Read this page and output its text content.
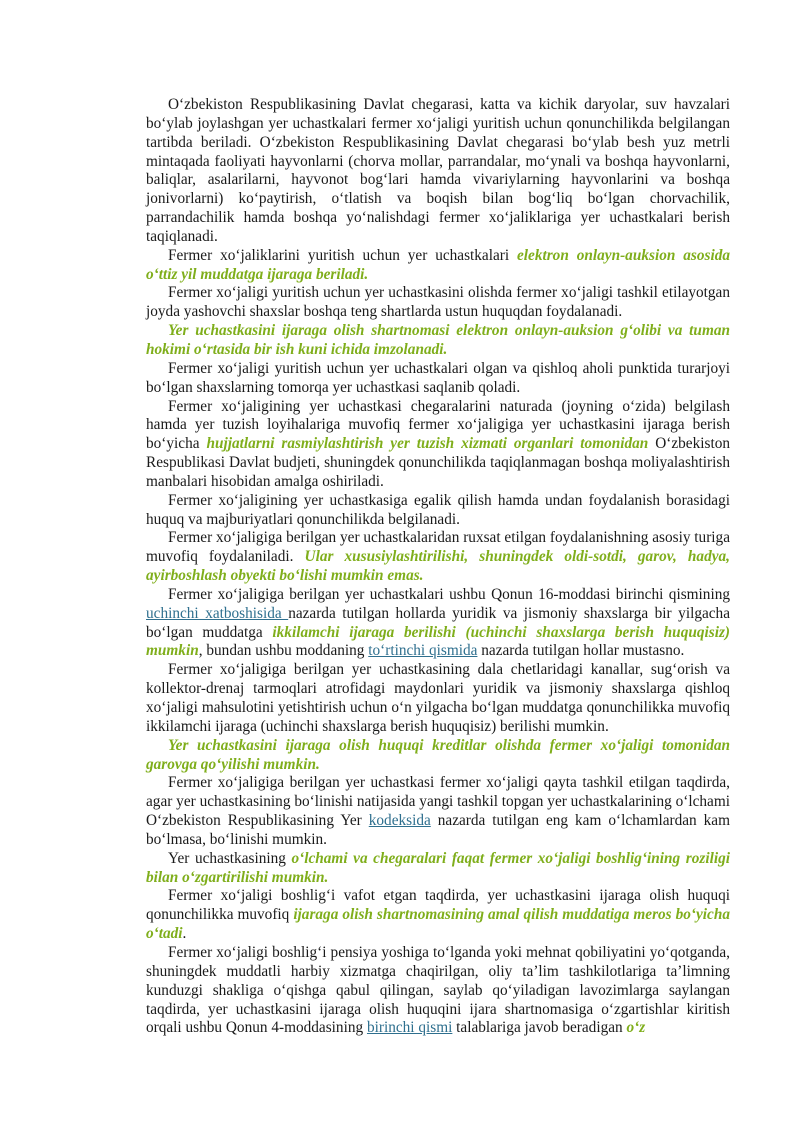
O‘zbekiston Respublikasining Davlat chegarasi, katta va kichik daryolar, suv havzalari bo‘ylab joylashgan yer uchastkalari fermer xo‘jaligi yuritish uchun qonunchilikda belgilangan tartibda beriladi. O‘zbekiston Respublikasining Davlat chegarasi bo‘ylab besh yuz metrli mintaqada faoliyati hayvonlarni (chorva mollar, parrandalar, mo‘ynali va boshqa hayvonlarni, baliqlar, asalarilarni, hayvonot bog‘lari hamda vivariylarning hayvonlarini va boshqa jonivorlarni) ko‘paytirish, o‘tlatish va boqish bilan bog‘liq bo‘lgan chorvachilik, parrandachilik hamda boshqa yo‘nalishdagi fermer xo‘jaliklariga yer uchastkalari berish taqiqlanadi.

Fermer xo‘jaliklarini yuritish uchun yer uchastkalari elektron onlayn-auksion asosida o‘ttiz yil muddatga ijaraga beriladi.

Fermer xo‘jaligi yuritish uchun yer uchastkasini olishda fermer xo‘jaligi tashkil etilayotgan joyda yashovchi shaxslar boshqa teng shartlarda ustun huquqdan foydalanadi.

Yer uchastkasini ijaraga olish shartnomasi elektron onlayn-auksion g‘olibi va tuman hokimi o‘rtasida bir ish kuni ichida imzolanadi.

Fermer xo‘jaligi yuritish uchun yer uchastkalari olgan va qishloq aholi punktida turarjoyi bo‘lgan shaxslarning tomorqa yer uchastkasi saqlanib qoladi.

Fermer xo‘jaligining yer uchastkasi chegaralarini naturada (joyning o‘zida) belgilash hamda yer tuzish loyihalariga muvofiq fermer xo‘jaligiga yer uchastkasini ijaraga berish bo‘yicha hujjatlarni rasmiylashtirish yer tuzish xizmati organlari tomonidan O‘zbekiston Respublikasi Davlat budjeti, shuningdek qonunchilikda taqiqlanmagan boshqa moliyalashtirish manbalari hisobidan amalga oshiriladi.

Fermer xo‘jaligining yer uchastkasiga egalik qilish hamda undan foydalanish borasidagi huquq va majburiyatlari qonunchilikda belgilanadi.

Fermer xo‘jaligiga berilgan yer uchastkalaridan ruxsat etilgan foydalanishning asosiy turiga muvofiq foydalaniladi. Ular xususiylashtirilishi, shuningdek oldi-sotdi, garov, hadya, ayirboshlash obyekti bo‘lishi mumkin emas.

Fermer xo‘jaligiga berilgan yer uchastkalari ushbu Qonun 16-moddasi birinchi qismining uchinchi xatboshisida nazarda tutilgan hollarda yuridik va jismoniy shaxslarga bir yilgacha bo‘lgan muddatga ikkilamchi ijaraga berilishi (uchinchi shaxslarga berish huquqisiz) mumkin, bundan ushbu moddaning to‘rtinchi qismida nazarda tutilgan hollar mustasno.

Fermer xo‘jaligiga berilgan yer uchastkasining dala chetlaridagi kanallar, sug‘orish va kollektor-drenaj tarmoqlari atrofidagi maydonlari yuridik va jismoniy shaxslarga qishloq xo‘jaligi mahsulotini yetishtirish uchun o‘n yilgacha bo‘lgan muddatga qonunchilikka muvofiq ikkilamchi ijaraga (uchinchi shaxslarga berish huquqisiz) berilishi mumkin.

Yer uchastkasini ijaraga olish huquqi kreditlar olishda fermer xo‘jaligi tomonidan garovga qo‘yilishi mumkin.

Fermer xo‘jaligiga berilgan yer uchastkasi fermer xo‘jaligi qayta tashkil etilgan taqdirda, agar yer uchastkasining bo‘linishi natijasida yangi tashkil topgan yer uchastkalarining o‘lchami O‘zbekiston Respublikasining Yer kodeksida nazarda tutilgan eng kam o‘lchamlardan kam bo‘lmasa, bo‘linishi mumkin.

Yer uchastkasining o‘lchami va chegaralari faqat fermer xo‘jaligi boshlig‘ining roziligi bilan o‘zgartirilishi mumkin.

Fermer xo‘jaligi boshlig‘i vafot etgan taqdirda, yer uchastkasini ijaraga olish huquqi qonunchilikka muvofiq ijaraga olish shartnomasining amal qilish muddatiga meros bo‘yicha o‘tadi.

Fermer xo‘jaligi boshlig‘i pensiya yoshiga to‘lganda yoki mehnat qobiliyatini yo‘qotganda, shuningdek muddatli harbiy xizmatga chaqirilgan, oliy ta’lim tashkilotlariga ta’limning kunduzgi shakliga o‘qishga qabul qilingan, saylab qo‘yiladigan lavozimlarga saylangan taqdirda, yer uchastkasini ijaraga olish huquqini ijara shartnomasiga o‘zgartishlar kiritish orqali ushbu Qonun 4-moddasining birinchi qismi talablariga javob beradigan o‘z
